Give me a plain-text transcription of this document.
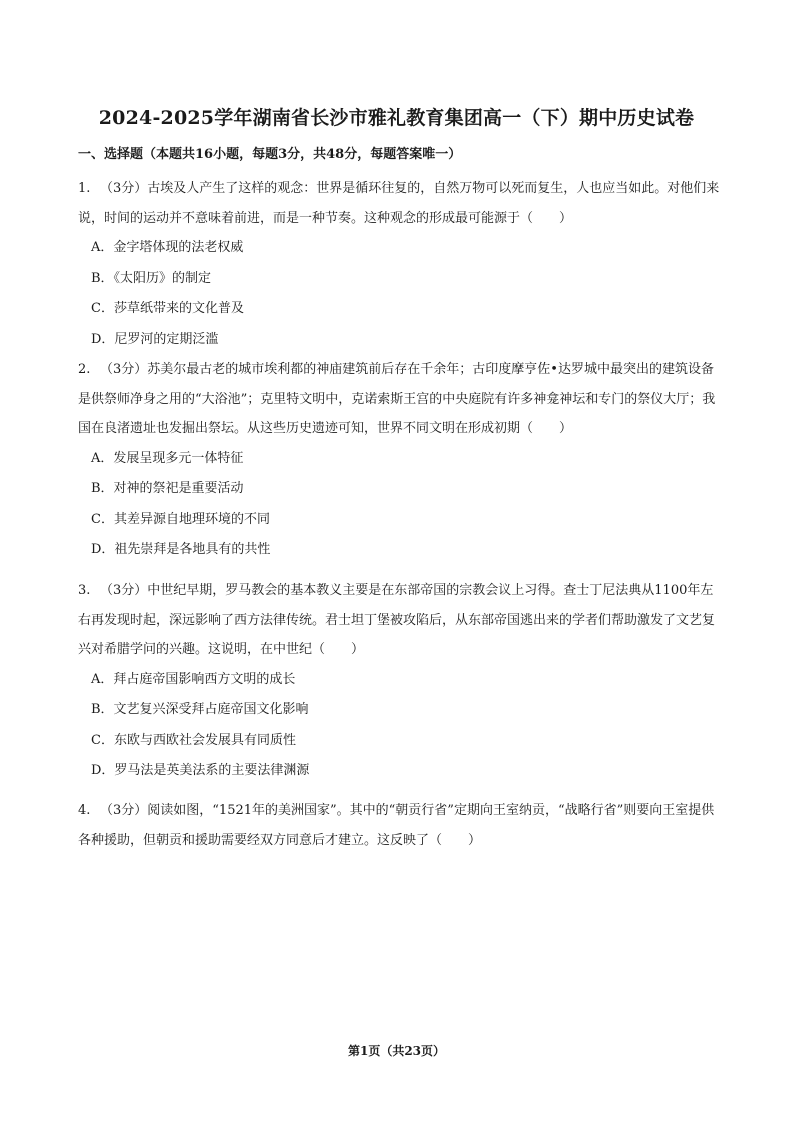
2024-2025学年湖南省长沙市雅礼教育集团高一（下）期中历史试卷
一、选择题（本题共16小题，每题3分，共48分，每题答案唯一）
1. （3分）古埃及人产生了这样的观念：世界是循环往复的，自然万物可以死而复生，人也应当如此。对他们来说，时间的运动并不意味着前进，而是一种节奏。这种观念的形成最可能源于（　　）
A．金字塔体现的法老权威
B．《太阳历》的制定
C．莎草纸带来的文化普及
D．尼罗河的定期泛滥
2. （3分）苏美尔最古老的城市埃利都的神庙建筑前后存在千余年；古印度摩亨佐•达罗城中最突出的建筑设备是供祭师净身之用的“大浴池”；克里特文明中，克诺索斯王宫的中央庭院有许多神龛神坛和专门的祭仪大厅；我国在良渚遗址也发掘出祭坛。从这些历史遗迹可知，世界不同文明在形成初期（　　）
A．发展呈现多元一体特征
B．对神的祭祀是重要活动
C．其差异源自地理环境的不同
D．祖先崇拜是各地具有的共性
3. （3分）中世纪早期，罗马教会的基本教义主要是在东部帝国的宗教会议上习得。查士丁尼法典从1100年左右再发现时起，深远影响了西方法律传统。君士坦丁堡被攻陷后，从东部帝国逃出来的学者们帮助激发了文艺复兴对希腊学问的兴趣。这说明，在中世纪（　　）
A．拜占庭帝国影响西方文明的成长
B．文艺复兴深受拜占庭帝国文化影响
C．东欧与西欧社会发展具有同质性
D．罗马法是英美法系的主要法律渊源
4. （3分）阅读如图，“1521年的美洲国家”。其中的“朝贡行省”定期向王室纳贡，“战略行省”则要向王室提供各种援助，但朝贡和援助需要经双方同意后才建立。这反映了（　　）
第1页（共23页）
